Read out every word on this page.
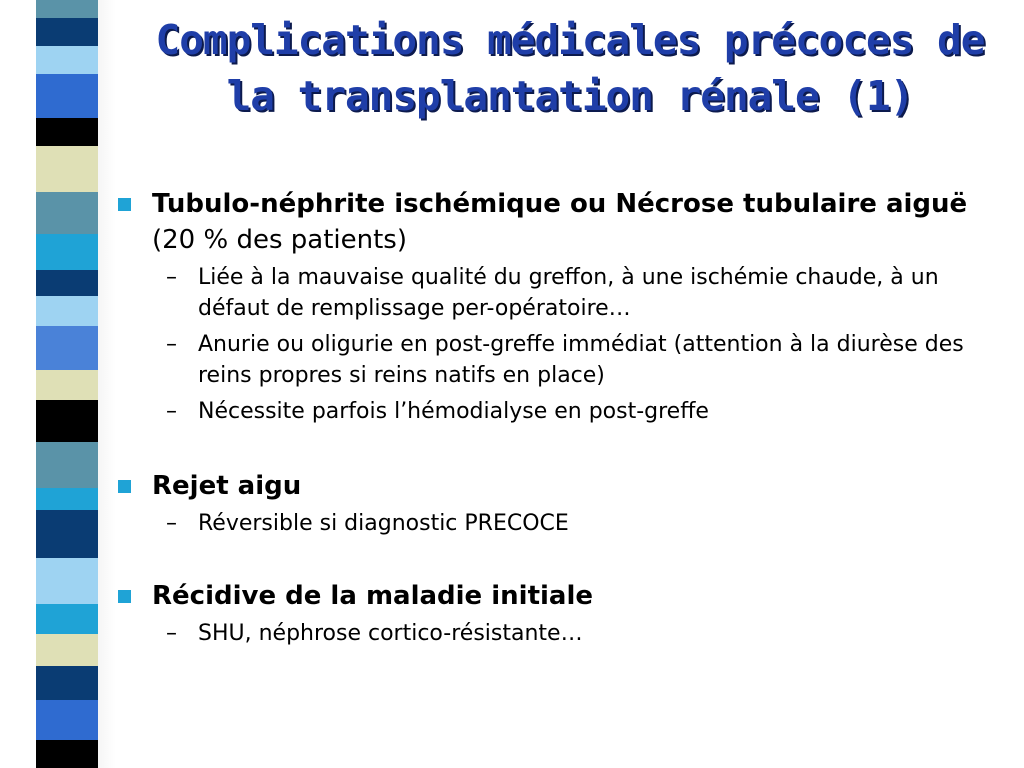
Complications médicales précoces de la transplantation rénale (1)
Tubulo-néphrite ischémique ou Nécrose tubulaire aiguë (20 % des patients)
– Liée à la mauvaise qualité du greffon, à une ischémie chaude, à un défaut de remplissage per-opératoire…
– Anurie ou oligurie en post-greffe immédiat (attention à la diurèse des reins propres si reins natifs en place)
– Nécessite parfois l’hémodialyse en post-greffe
Rejet aigu
– Réversible si diagnostic PRECOCE
Récidive de la maladie initiale
– SHU, néphrose cortico-résistante…
